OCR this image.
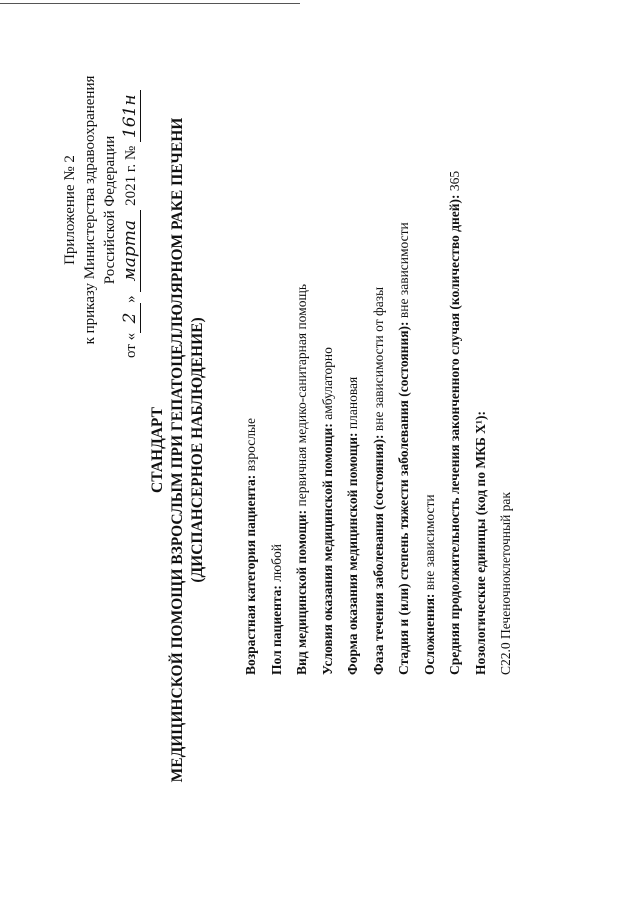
Приложение № 2 к приказу Министерства здравоохранения Российской Федерации
от «2» марта 2021 г. № 161н
СТАНДАРТ МЕДИЦИНСКОЙ ПОМОЩИ ВЗРОСЛЫМ ПРИ ГЕПАТОЦЕЛЛЮЛЯРНОМ РАКЕ ПЕЧЕНИ (ДИСПАНСЕРНОЕ НАБЛЮДЕНИЕ)	Возрастная категория пациента: взрослые
Пол пациента: любой Вид медицинской помощи: первичная медико-санитарная помощь
Условия оказания медицинской помощи: амбулаторно
Форма оказания медицинской помощи: плановая
Фаза течения заболевания (состояния): вне зависимости от фазы Стадия и (или) степень тяжести заболевания (состояния): вне зависимости
Осложнения: вне зависимости Средняя продолжительность лечения законченного случая (количество дней): 365
Нозологические единицы (код по МКБ X¹): C22.0 Печеночноклеточный рак
